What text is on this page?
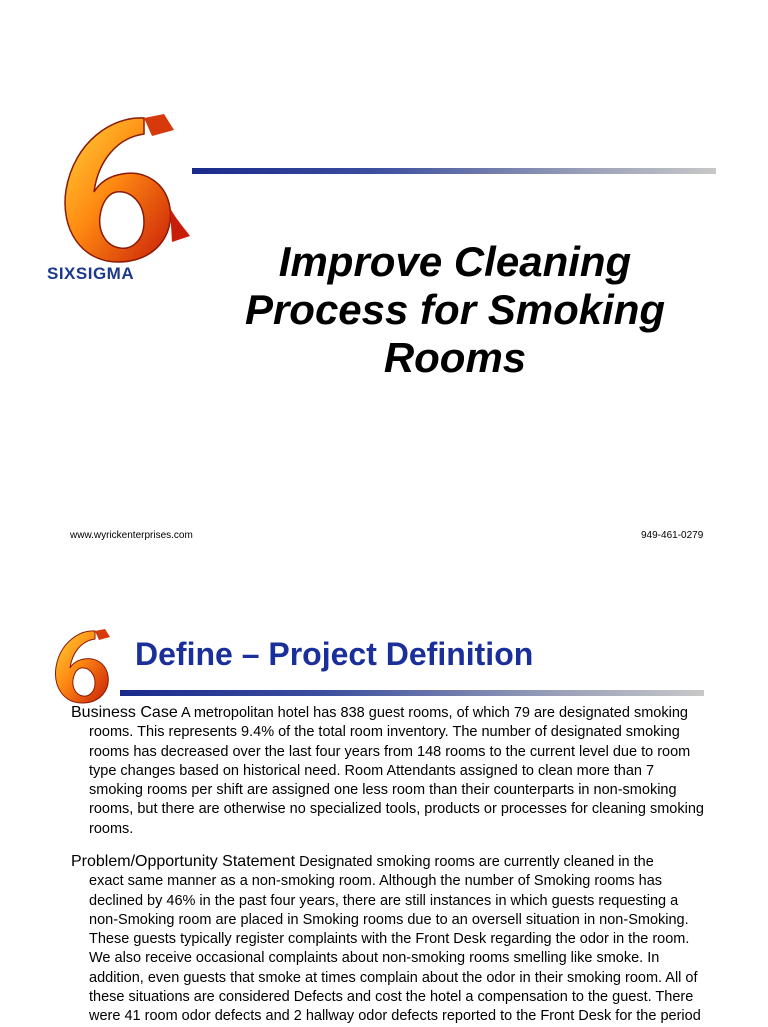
SIXSIGMA	Improve Cleaning
Process for Smoking
Rooms
www.wyrickenterprises.com	949-461-0279
Define – Project Definition
Business Case A metropolitan hotel has 838 guest rooms, of which 79 are designated smoking
rooms. This represents 9.4% of the total room inventory. The number of designated smoking
rooms has decreased over the last four years from 148 rooms to the current level due to room
type changes based on historical need. Room Attendants assigned to clean more than 7
smoking rooms per shift are assigned one less room than their counterparts in non-smoking
rooms, but there are otherwise no specialized tools, products or processes for cleaning smoking
rooms.
Problem/Opportunity Statement Designated smoking rooms are currently cleaned in the
exact same manner as a non-smoking room. Although the number of Smoking rooms has
declined by 46% in the past four years, there are still instances in which guests requesting a
non-Smoking room are placed in Smoking rooms due to an oversell situation in non-Smoking.
These guests typically register complaints with the Front Desk regarding the odor in the room.
We also receive occasional complaints about non-smoking rooms smelling like smoke. In
addition, even guests that smoke at times complain about the odor in their smoking room. All of
these situations are considered Defects and cost the hotel a compensation to the guest. There
were 41 room odor defects and 2 hallway odor defects reported to the Front Desk for the period
